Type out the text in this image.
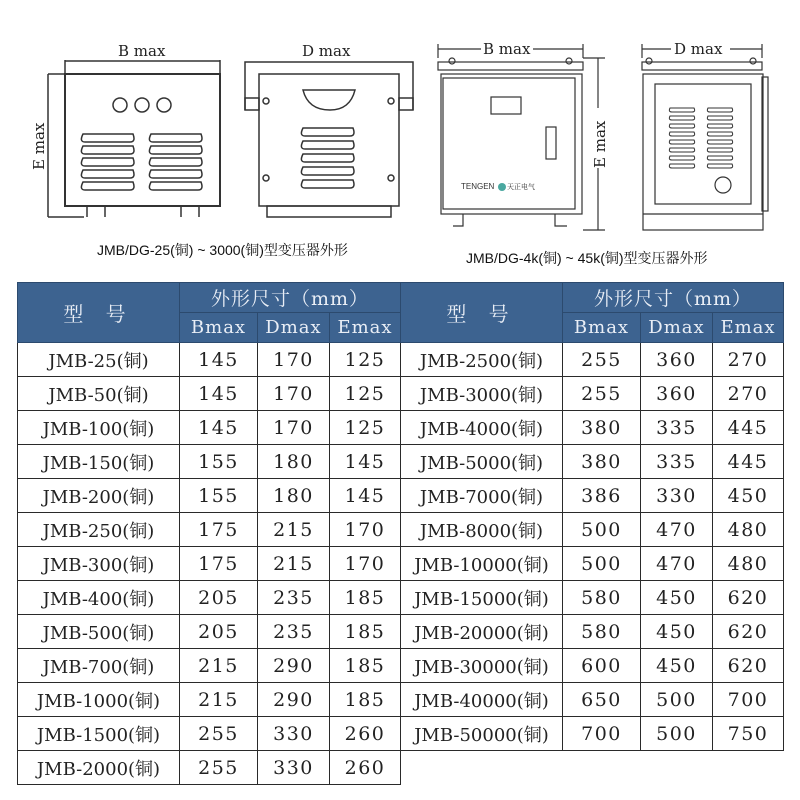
B max	D max
E max
B max	D max
E max
TENGEN 天正电气
JMB/DG-25(铜) ~ 3000(铜)型变压器外形	JMB/DG-4k(铜) ~ 45k(铜)型变压器外形
型 号	外形尺寸（mm）		
	Bmax	Dmax	Emax
JMB-25(铜)	145	170	125
JMB-50(铜)	145	170	125
JMB-100(铜)	145	170	125
JMB-150(铜)	155	180	145
JMB-200(铜)	155	180	145
JMB-250(铜)	175	215	170
JMB-300(铜)	175	215	170
JMB-400(铜)	205	235	185
JMB-500(铜)	205	235	185
JMB-700(铜)	215	290	185
JMB-1000(铜)	215	290	185
JMB-1500(铜)	255	330	260
JMB-2000(铜)	255	330	260
型 号	外形尺寸（mm）		
	Bmax	Dmax	Emax
JMB-2500(铜)	255	360	270
JMB-3000(铜)	255	360	270
JMB-4000(铜)	380	335	445
JMB-5000(铜)	380	335	445
JMB-7000(铜)	386	330	450
JMB-8000(铜)	500	470	480
JMB-10000(铜)	500	470	480
JMB-15000(铜)	580	450	620
JMB-20000(铜)	580	450	620
JMB-30000(铜)	600	450	620
JMB-40000(铜)	650	500	700
JMB-50000(铜)	700	500	750
